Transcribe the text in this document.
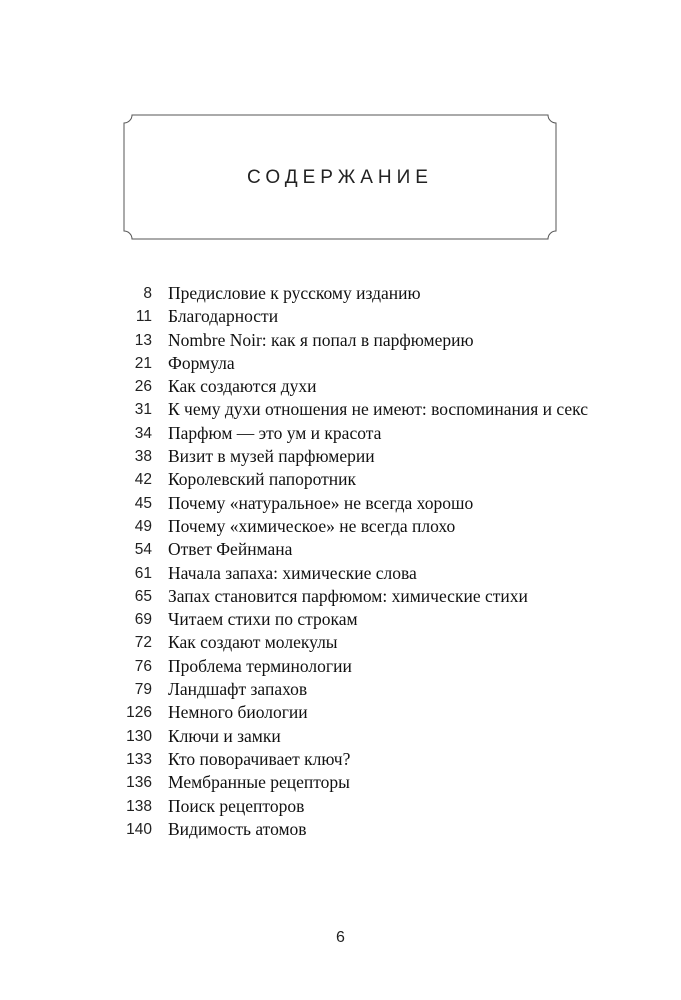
СОДЕРЖАНИЕ
8 Предисловие к русскому изданию
11 Благодарности
13 Nombre Noir: как я попал в парфюмерию
21 Формула
26 Как создаются духи
31 К чему духи отношения не имеют: воспоминания и секс
34 Парфюм — это ум и красота
38 Визит в музей парфюмерии
42 Королевский папоротник
45 Почему «натуральное» не всегда хорошо
49 Почему «химическое» не всегда плохо
54 Ответ Фейнмана
61 Начала запаха: химические слова
65 Запах становится парфюмом: химические стихи
69 Читаем стихи по строкам
72 Как создают молекулы
76 Проблема терминологии
79 Ландшафт запахов
126 Немного биологии
130 Ключи и замки
133 Кто поворачивает ключ?
136 Мембранные рецепторы
138 Поиск рецепторов
140 Видимость атомов
6
